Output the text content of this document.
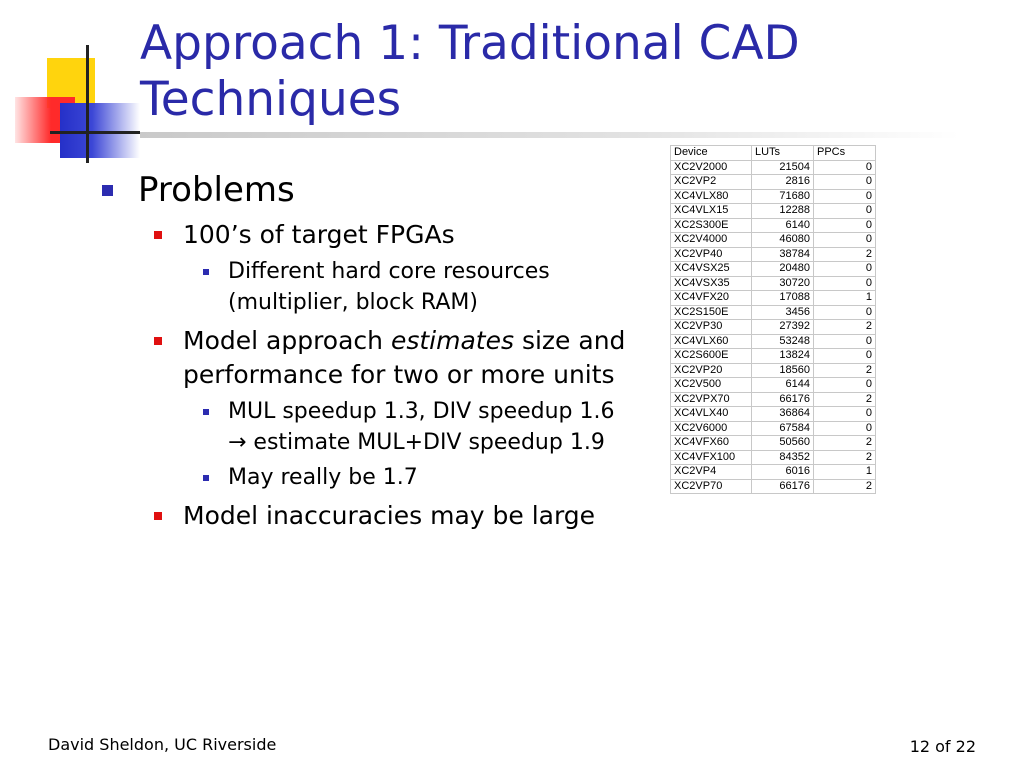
Approach 1: Traditional CAD
Techniques

Problems

100’s of target FPGAs

Different hard core resources (multiplier, block RAM)

Model approach estimates size and performance for two or more units

MUL speedup 1.3, DIV speedup 1.6 → estimate MUL+DIV speedup 1.9

May really be 1.7

Model inaccuracies may be large

Device	LUTs	PPCs
XC2V2000	21504	0
XC2VP2	2816	0
XC4VLX80	71680	0
XC4VLX15	12288	0
XC2S300E	6140	0
XC2V4000	46080	0
XC2VP40	38784	2
XC4VSX25	20480	0
XC4VSX35	30720	0
XC4VFX20	17088	1
XC2S150E	3456	0
XC2VP30	27392	2
XC4VLX60	53248	0
XC2S600E	13824	0
XC2VP20	18560	2
XC2V500	6144	0
XC2VPX70	66176	2
XC4VLX40	36864	0
XC2V6000	67584	0
XC4VFX60	50560	2
XC4VFX100	84352	2
XC2VP4	6016	1
XC2VP70	66176	2
David Sheldon, UC Riverside	12 of 22
